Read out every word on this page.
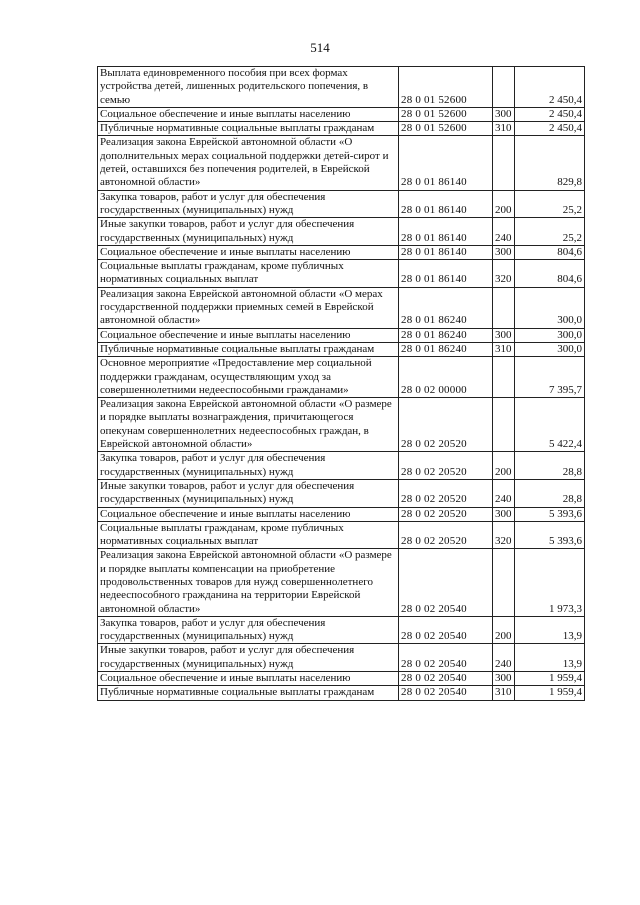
514
Выплата единовременного пособия при всех формах устройства детей, лишенных родительского попечения, в семью	28 0 01 52600		2 450,4
Социальное обеспечение и иные выплаты населению	28 0 01 52600	300	2 450,4
Публичные нормативные социальные выплаты гражданам	28 0 01 52600	310	2 450,4
Реализация закона Еврейской автономной области «О дополнительных мерах социальной поддержки детей-сирот и детей, оставшихся без попечения родителей, в Еврейской автономной области»	28 0 01 86140		829,8
Закупка товаров, работ и услуг для обеспечения государственных (муниципальных) нужд	28 0 01 86140	200	25,2
Иные закупки товаров, работ и услуг для обеспечения государственных (муниципальных) нужд	28 0 01 86140	240	25,2
Социальное обеспечение и иные выплаты населению	28 0 01 86140	300	804,6
Социальные выплаты гражданам, кроме публичных нормативных социальных выплат	28 0 01 86140	320	804,6
Реализация закона Еврейской автономной области «О мерах государственной поддержки приемных семей в Еврейской автономной области»	28 0 01 86240		300,0
Социальное обеспечение и иные выплаты населению	28 0 01 86240	300	300,0
Публичные нормативные социальные выплаты гражданам	28 0 01 86240	310	300,0
Основное мероприятие «Предоставление мер социальной поддержки гражданам, осуществляющим уход за совершеннолетними недееспособными гражданами»	28 0 02 00000		7 395,7
Реализация закона Еврейской автономной области «О размере и порядке выплаты вознаграждения, причитающегося опекунам совершеннолетних недееспособных граждан, в Еврейской автономной области»	28 0 02 20520		5 422,4
Закупка товаров, работ и услуг для обеспечения государственных (муниципальных) нужд	28 0 02 20520	200	28,8
Иные закупки товаров, работ и услуг для обеспечения государственных (муниципальных) нужд	28 0 02 20520	240	28,8
Социальное обеспечение и иные выплаты населению	28 0 02 20520	300	5 393,6
Социальные выплаты гражданам, кроме публичных нормативных социальных выплат	28 0 02 20520	320	5 393,6
Реализация закона Еврейской автономной области «О размере и порядке выплаты компенсации на приобретение продовольственных товаров для нужд совершеннолетнего недееспособного гражданина на территории Еврейской автономной области»	28 0 02 20540		1 973,3
Закупка товаров, работ и услуг для обеспечения государственных (муниципальных) нужд	28 0 02 20540	200	13,9
Иные закупки товаров, работ и услуг для обеспечения государственных (муниципальных) нужд	28 0 02 20540	240	13,9
Социальное обеспечение и иные выплаты населению	28 0 02 20540	300	1 959,4
Публичные нормативные социальные выплаты гражданам	28 0 02 20540	310	1 959,4
